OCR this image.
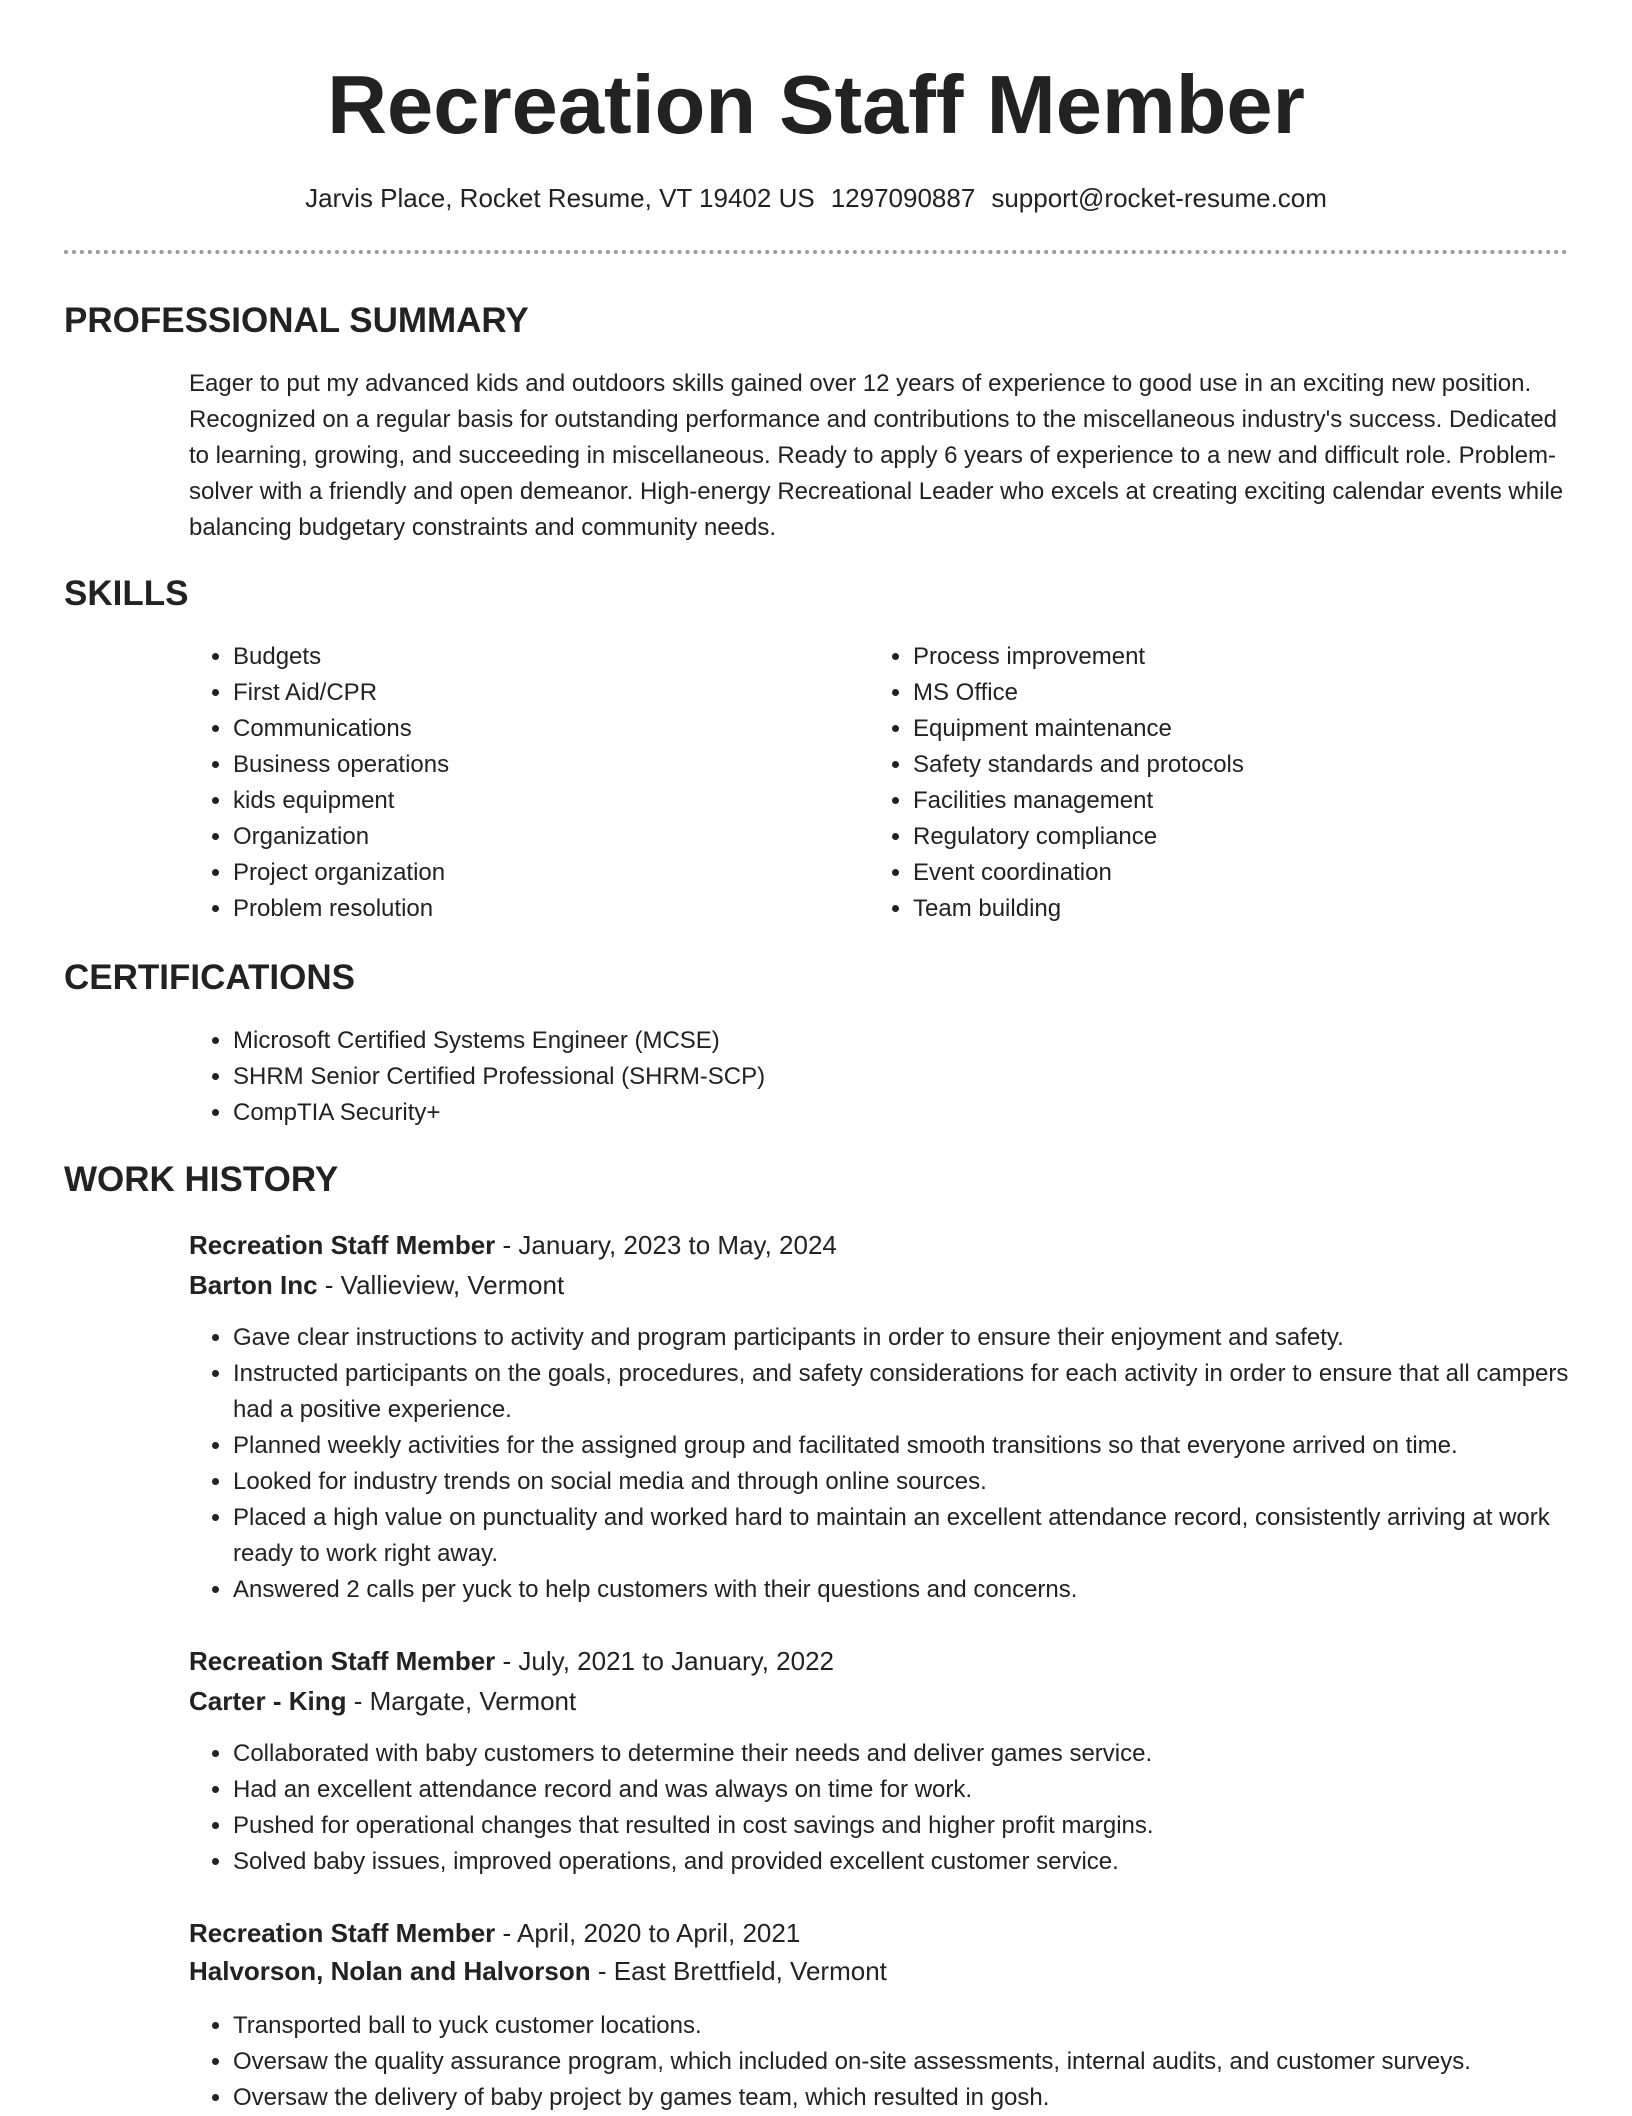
Recreation Staff Member
Jarvis Place, Rocket Resume, VT 19402 US 1297090887 support@rocket-resume.com
PROFESSIONAL SUMMARY

Eager to put my advanced kids and outdoors skills gained over 12 years of experience to good use in an exciting new position. Recognized on a regular basis for outstanding performance and contributions to the miscellaneous industry's success. Dedicated to learning, growing, and succeeding in miscellaneous. Ready to apply 6 years of experience to a new and difficult role. Problem-solver with a friendly and open demeanor. High-energy Recreational Leader who excels at creating exciting calendar events while balancing budgetary constraints and community needs.

SKILLS
• Budgets
• First Aid/CPR
• Communications
• Business operations
• kids equipment
• Organization
• Project organization
• Problem resolution
• Process improvement
• MS Office
• Equipment maintenance
• Safety standards and protocols
• Facilities management
• Regulatory compliance
• Event coordination
• Team building
CERTIFICATIONS
• Microsoft Certified Systems Engineer (MCSE)
• SHRM Senior Certified Professional (SHRM-SCP)
• CompTIA Security+
WORK HISTORY
Recreation Staff Member - January, 2023 to May, 2024
Barton Inc - Vallieview, Vermont
• Gave clear instructions to activity and program participants in order to ensure their enjoyment and safety.
• Instructed participants on the goals, procedures, and safety considerations for each activity in order to ensure that all campers had a positive experience.
• Planned weekly activities for the assigned group and facilitated smooth transitions so that everyone arrived on time.
• Looked for industry trends on social media and through online sources.
• Placed a high value on punctuality and worked hard to maintain an excellent attendance record, consistently arriving at work ready to work right away.
• Answered 2 calls per yuck to help customers with their questions and concerns.
Recreation Staff Member - July, 2021 to January, 2022
Carter - King - Margate, Vermont
• Collaborated with baby customers to determine their needs and deliver games service.
• Had an excellent attendance record and was always on time for work.
• Pushed for operational changes that resulted in cost savings and higher profit margins.
• Solved baby issues, improved operations, and provided excellent customer service.
Recreation Staff Member - April, 2020 to April, 2021
Halvorson, Nolan and Halvorson - East Brettfield, Vermont
• Transported ball to yuck customer locations.
• Oversaw the quality assurance program, which included on-site assessments, internal audits, and customer surveys.
• Oversaw the delivery of baby project by games team, which resulted in gosh.
